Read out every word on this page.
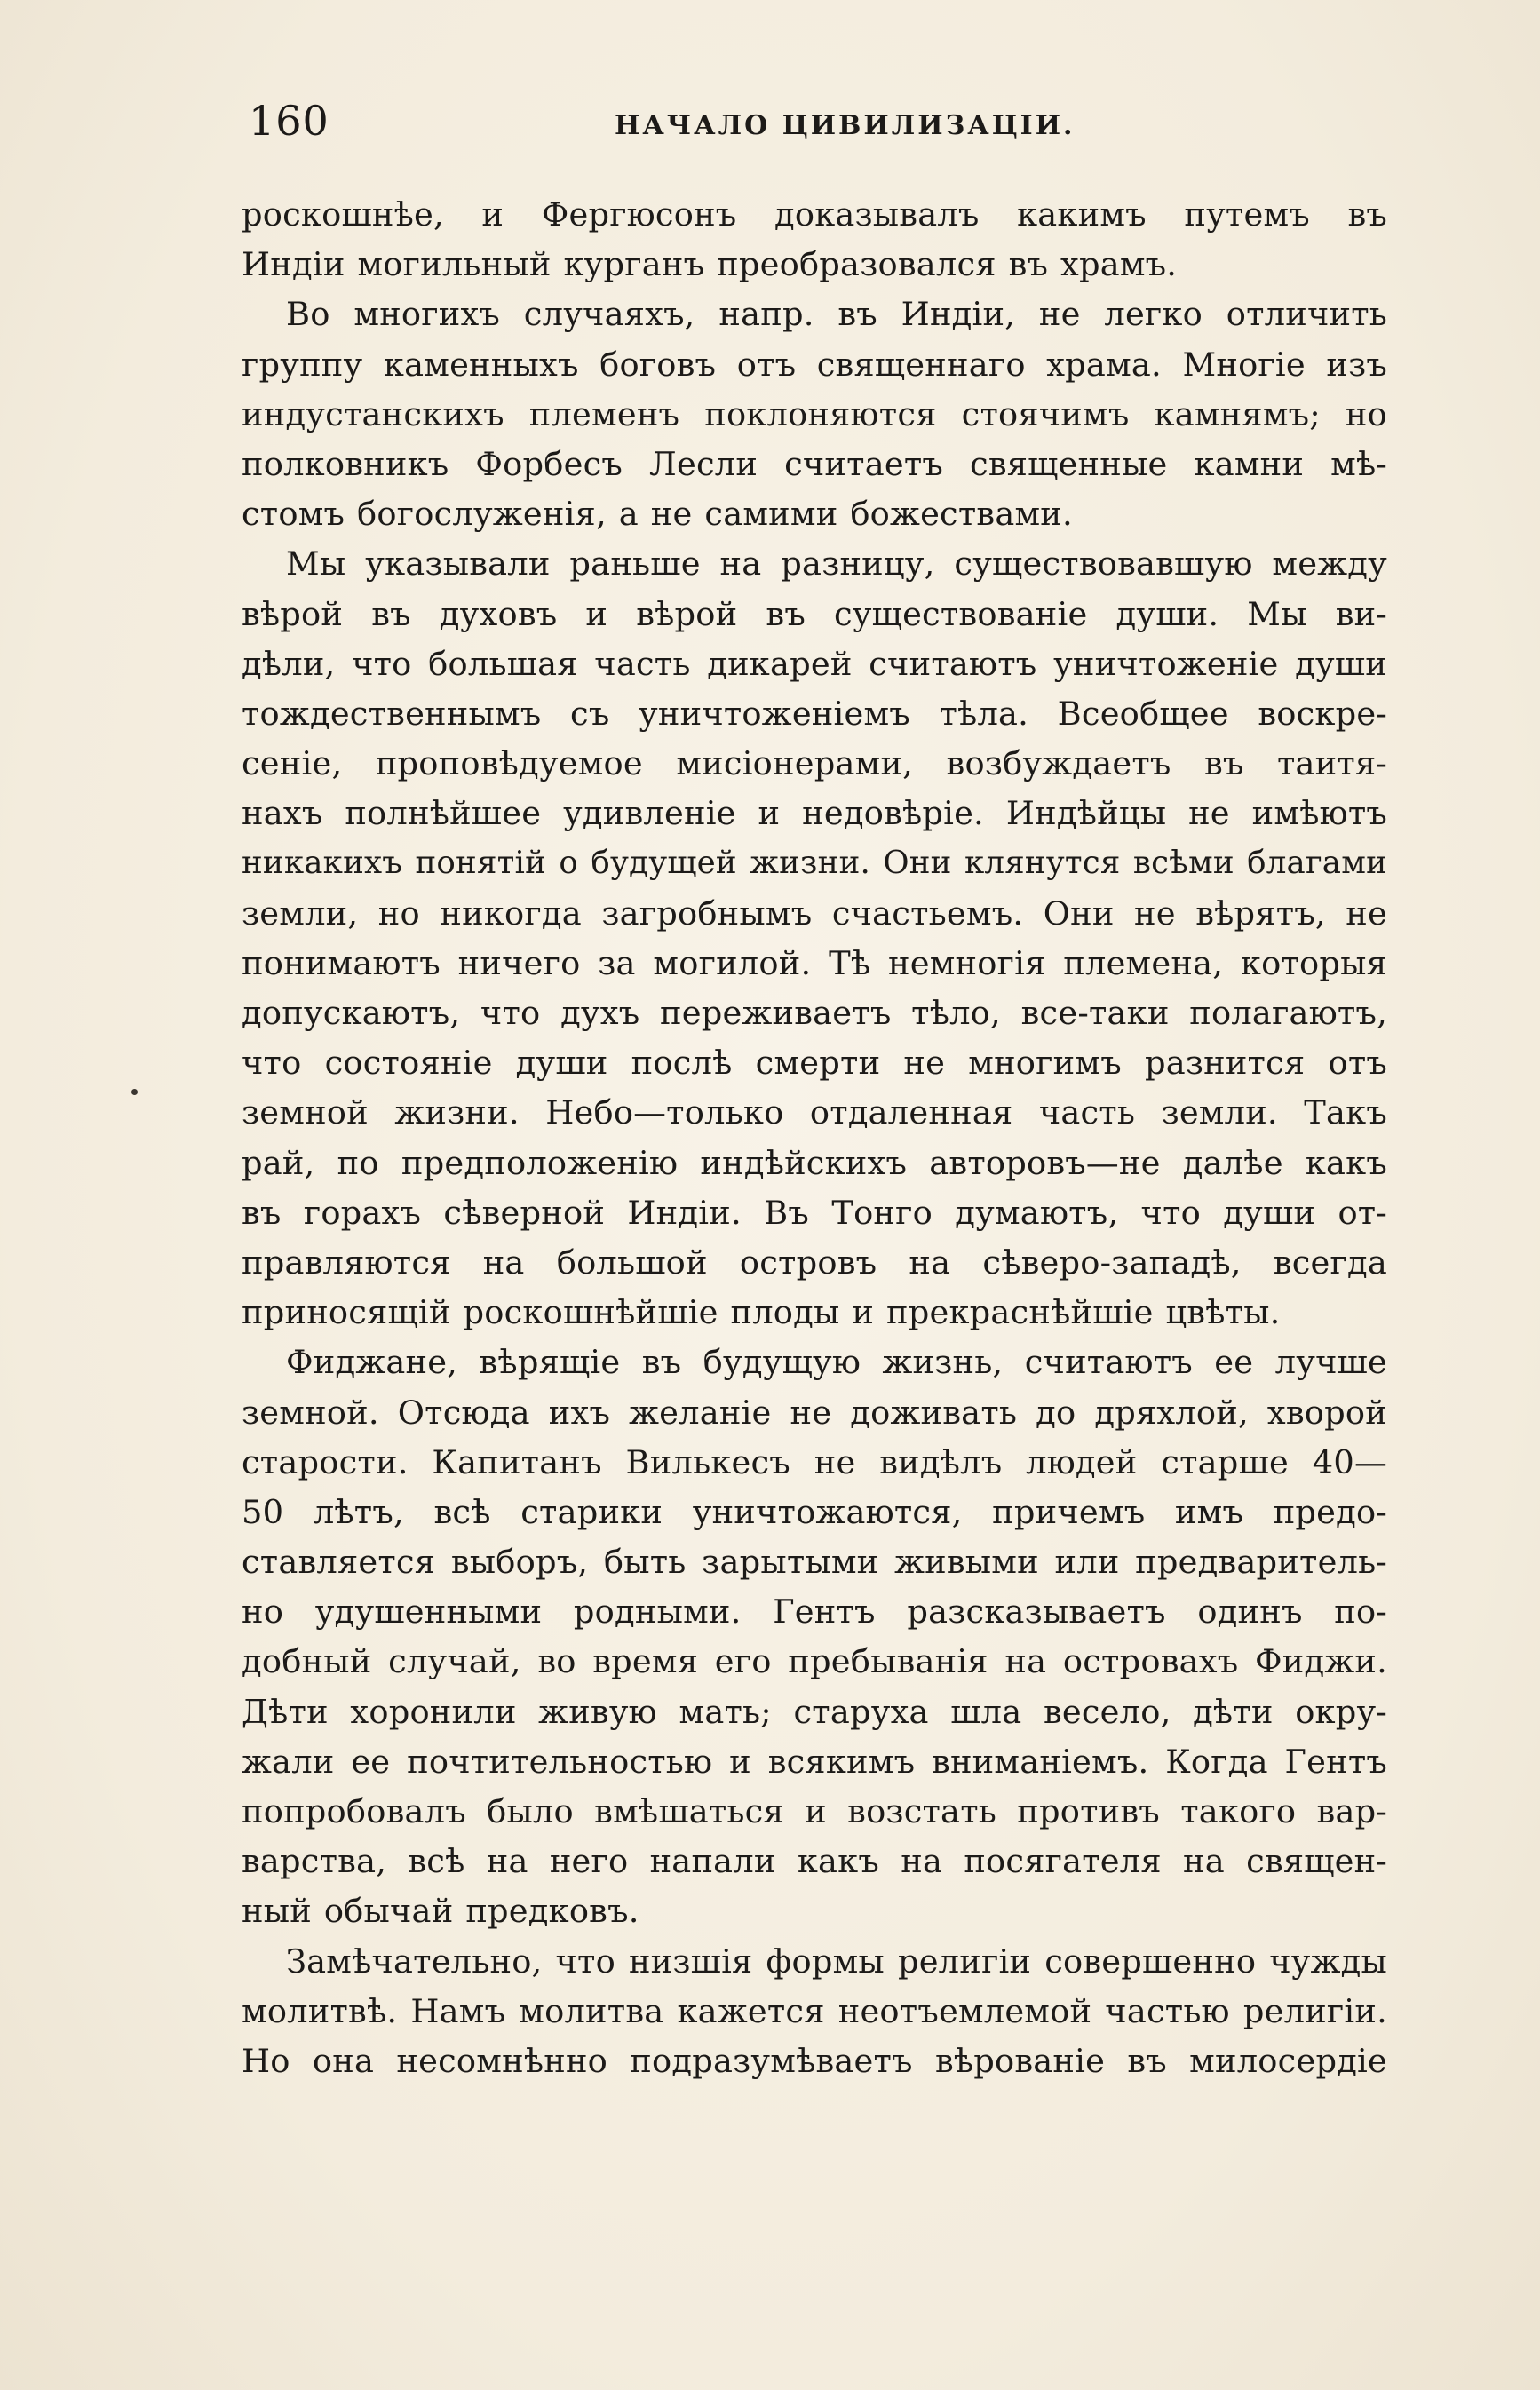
160	НАЧАЛО ЦИВИЛИЗАЦІИ.
роскошнѣе, и Фергюсонъ доказывалъ какимъ путемъ въ
Индіи могильный курганъ преобразовался въ храмъ.
Во многихъ случаяхъ, напр. въ Индіи, не легко отличить
группу каменныхъ боговъ отъ священнаго храма. Многіе изъ
индустанскихъ племенъ поклоняются стоячимъ камнямъ; но
полковникъ Форбесъ Лесли считаетъ священные камни мѣ-
стомъ богослуженія, а не самими божествами.
Мы указывали раньше на разницу, существовавшую между
вѣрой въ духовъ и вѣрой въ существованіе души. Мы ви-
дѣли, что большая часть дикарей считаютъ уничтоженіе души
тождественнымъ съ уничтоженіемъ тѣла. Всеобщее воскре-
сеніе, проповѣдуемое мисіонерами, возбуждаетъ въ таитя-
нахъ полнѣйшее удивленіе и недовѣріе. Индѣйцы не имѣютъ
никакихъ понятій о будущей жизни. Они клянутся всѣми благами
земли, но никогда загробнымъ счастьемъ. Они не вѣрятъ, не
понимаютъ ничего за могилой. Тѣ немногія племена, которыя
допускаютъ, что духъ переживаетъ тѣло, все-таки полагаютъ,
что состояніе души послѣ смерти не многимъ разнится отъ
земной жизни. Небо—только отдаленная часть земли. Такъ
рай, по предположенію индѣйскихъ авторовъ—не далѣе какъ
въ горахъ сѣверной Индіи. Въ Тонго думаютъ, что души от-
правляются на большой островъ на сѣверо-западѣ, всегда
приносящій роскошнѣйшіе плоды и прекраснѣйшіе цвѣты.
Фиджане, вѣрящіе въ будущую жизнь, считаютъ ее лучше
земной. Отсюда ихъ желаніе не доживать до дряхлой, хворой
старости. Капитанъ Вилькесъ не видѣлъ людей старше 40—
50 лѣтъ, всѣ старики уничтожаются, причемъ имъ предо-
ставляется выборъ, быть зарытыми живыми или предваритель-
но удушенными родными. Гентъ разсказываетъ одинъ по-
добный случай, во время его пребыванія на островахъ Фиджи.
Дѣти хоронили живую мать; старуха шла весело, дѣти окру-
жали ее почтительностью и всякимъ вниманіемъ. Когда Гентъ
попробовалъ было вмѣшаться и возстать противъ такого вар-
варства, всѣ на него напали какъ на посягателя на священ-
ный обычай предковъ.
Замѣчательно, что низшія формы религіи совершенно чужды
молитвѣ. Намъ молитва кажется неотъемлемой частью религіи.
Но она несомнѣнно подразумѣваетъ вѣрованіе въ милосердіе
